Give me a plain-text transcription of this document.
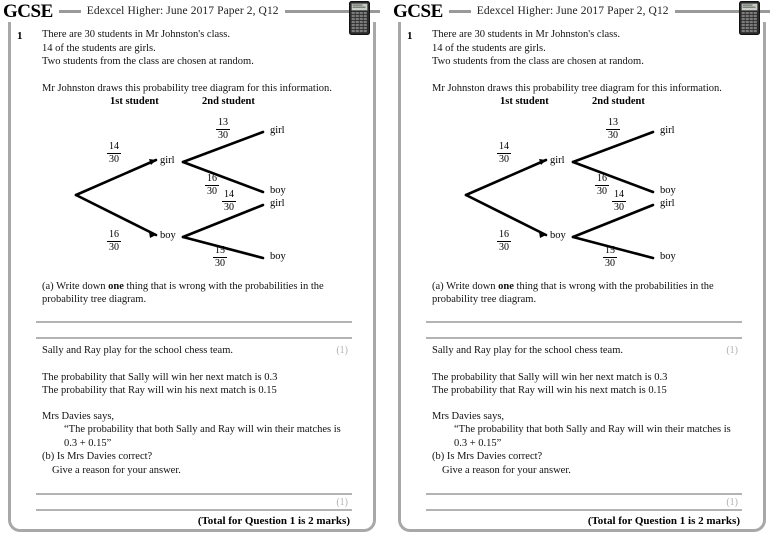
GCSE	Edexcel Higher: June 2017 Paper 2, Q12
1 There are 30 students in Mr Johnston's class.

14 of the students are girls.

Two students from the class are chosen at random.

Mr Johnston draws this probability tree diagram for this information.

1st student	2nd student
girl
boy
girl
boy
girl
boy
14
30
16
30
13
30
16
30 14
30
15
30

(a) Write down one thing that is wrong with the probabilities in the

probability tree diagram.

Sally and Ray play for the school chess team.	(1)

The probability that Sally will win her next match is 0.3

The probability that Ray will win his next match is 0.15

Mrs Davies says,

“The probability that both Sally and Ray will win their matches is

0.3 + 0.15”

(b) Is Mrs Davies correct?

Give a reason for your answer.

(1)
(Total for Question 1 is 2 marks)
GCSE	Edexcel Higher: June 2017 Paper 2, Q12
1 There are 30 students in Mr Johnston's class.

14 of the students are girls.

Two students from the class are chosen at random.

Mr Johnston draws this probability tree diagram for this information.

1st student	2nd student
girl
boy
girl
boy
girl
boy
14
30
16
30
13
30
16
30 14
30
15
30

(a) Write down one thing that is wrong with the probabilities in the

probability tree diagram.

Sally and Ray play for the school chess team.	(1)

The probability that Sally will win her next match is 0.3

The probability that Ray will win his next match is 0.15

Mrs Davies says,

“The probability that both Sally and Ray will win their matches is

0.3 + 0.15”

(b) Is Mrs Davies correct?

Give a reason for your answer.

(1)
(Total for Question 1 is 2 marks)
